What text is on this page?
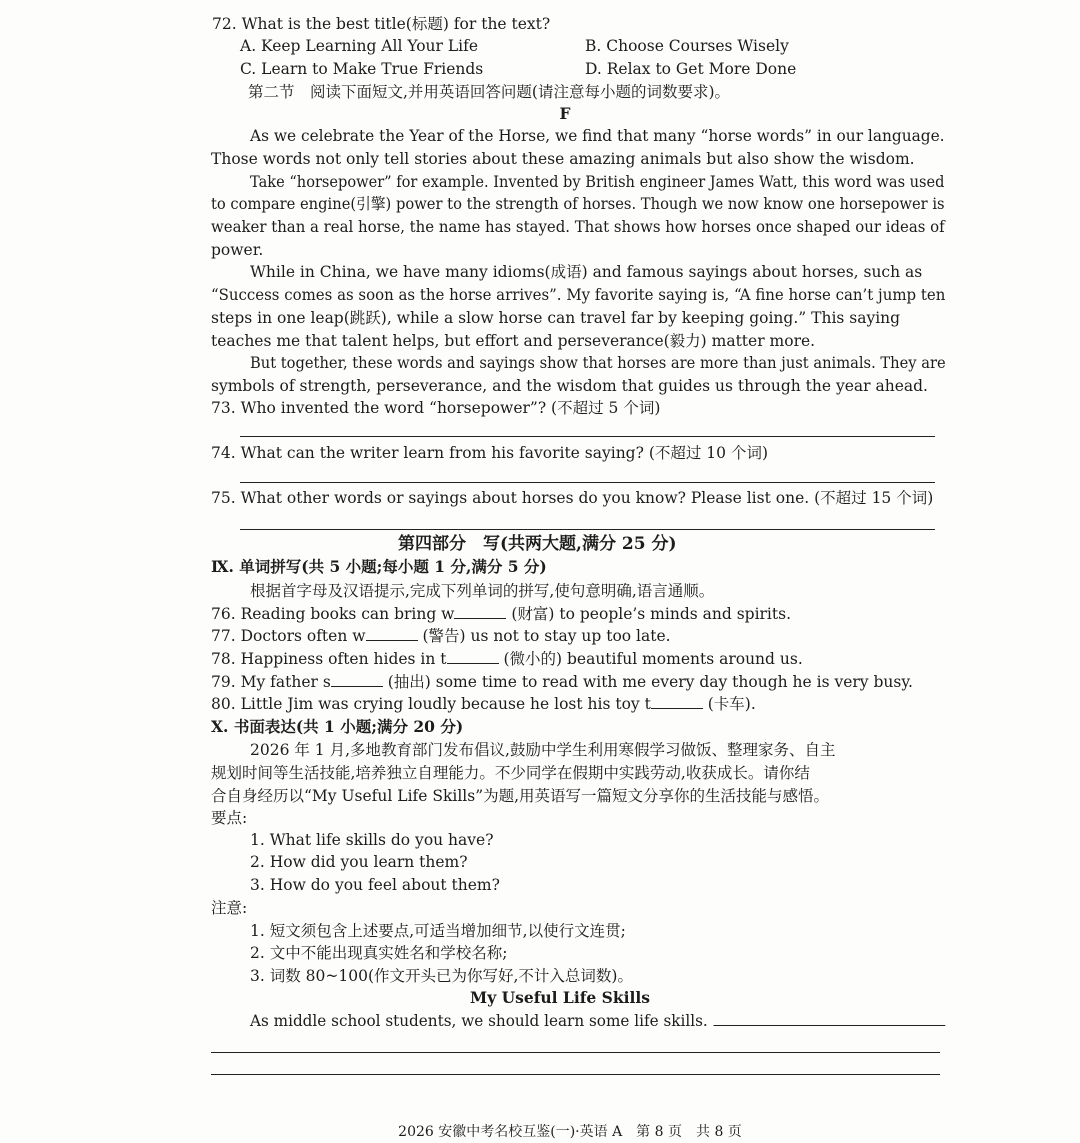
72. What is the best title(标题) for the text?
A. Keep Learning All Your Life	B. Choose Courses Wisely
C. Learn to Make True Friends	D. Relax to Get More Done
第二节　阅读下面短文,并用英语回答问题(请注意每小题的词数要求)。
F
As we celebrate the Year of the Horse, we find that many “horse words” in our language.
Those words not only tell stories about these amazing animals but also show the wisdom.
Take “horsepower” for example. Invented by British engineer James Watt, this word was used
to compare engine(引擎) power to the strength of horses. Though we now know one horsepower is
weaker than a real horse, the name has stayed. That shows how horses once shaped our ideas of
power.
While in China, we have many idioms(成语) and famous sayings about horses, such as
“Success comes as soon as the horse arrives”. My favorite saying is, “A fine horse can’t jump ten
steps in one leap(跳跃), while a slow horse can travel far by keeping going.” This saying
teaches me that talent helps, but effort and perseverance(毅力) matter more.
But together, these words and sayings show that horses are more than just animals. They are
symbols of strength, perseverance, and the wisdom that guides us through the year ahead.
73. Who invented the word “horsepower”? (不超过 5 个词)
74. What can the writer learn from his favorite saying? (不超过 10 个词)
75. What other words or sayings about horses do you know? Please list one. (不超过 15 个词)
第四部分　写(共两大题,满分 25 分)
Ⅸ. 单词拼写(共 5 小题;每小题 1 分,满分 5 分)
根据首字母及汉语提示,完成下列单词的拼写,使句意明确,语言通顺。
76. Reading books can bring w	(财富) to people’s minds and spirits.
77. Doctors often w	(警告) us not to stay up too late.
78. Happiness often hides in t	(微小的) beautiful moments around us.
79. My father s	(抽出) some time to read with me every day though he is very busy.
80. Little Jim was crying loudly because he lost his toy t	(卡车).
Ⅹ. 书面表达(共 1 小题;满分 20 分)
2026 年 1 月,多地教育部门发布倡议,鼓励中学生利用寒假学习做饭、整理家务、自主
规划时间等生活技能,培养独立自理能力。不少同学在假期中实践劳动,收获成长。请你结
合自身经历以“My Useful Life Skills”为题,用英语写一篇短文分享你的生活技能与感悟。
要点:
1. What life skills do you have?
2. How did you learn them?
3. How do you feel about them?
注意:
1. 短文须包含上述要点,可适当增加细节,以使行文连贯;
2. 文中不能出现真实姓名和学校名称;
3. 词数 80~100(作文开头已为你写好,不计入总词数)。
My Useful Life Skills
As middle school students, we should learn some life skills.
2026 安徽中考名校互鉴(一)·英语 A　第 8 页　共 8 页
